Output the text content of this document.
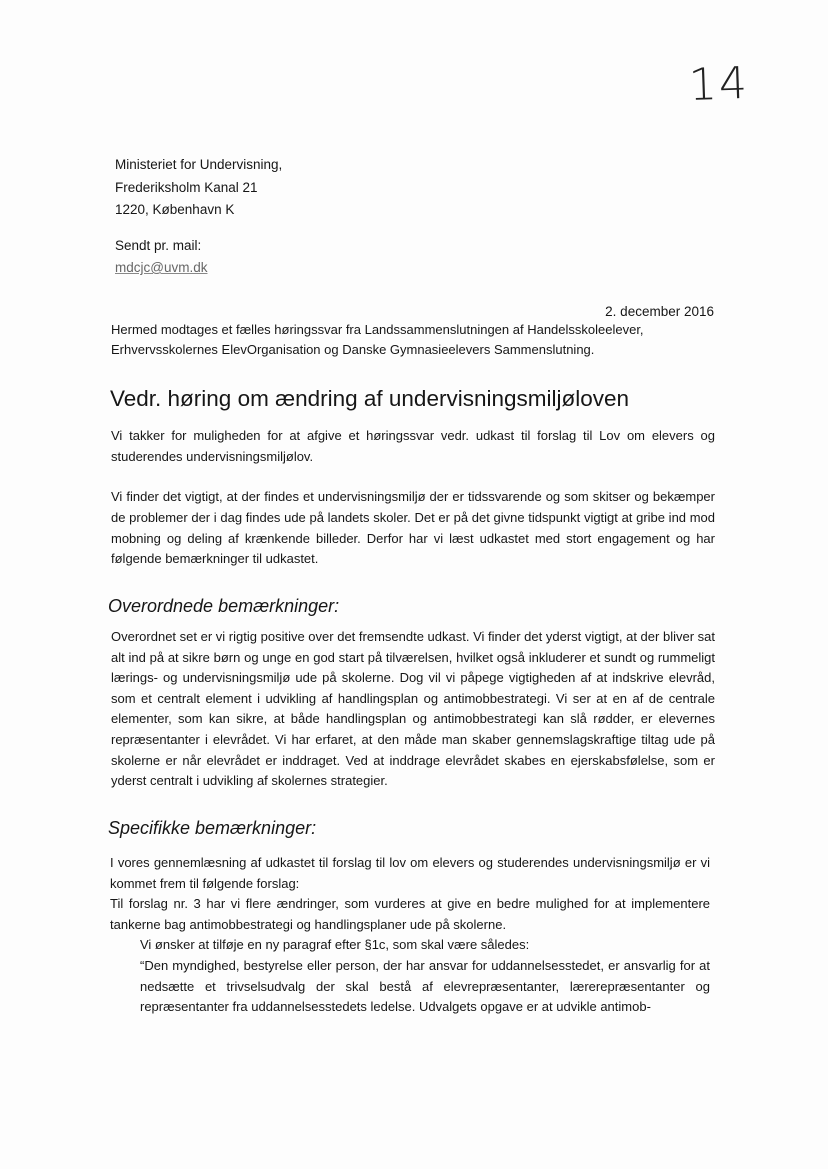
14
Ministeriet for Undervisning,
Frederiksholm Kanal 21
1220, København K
Sendt pr. mail:
mdcjc@uvm.dk
2. december 2016
Hermed modtages et fælles høringssvar fra Landssammenslutningen af Handelsskoleelever, Erhvervsskolernes ElevOrganisation og Danske Gymnasieelevers Sammenslutning.
Vedr. høring om ændring af undervisningsmiljøloven
Vi takker for muligheden for at afgive et høringssvar vedr. udkast til forslag til Lov om elevers og studerendes undervisningsmiljølov.
Vi finder det vigtigt, at der findes et undervisningsmiljø der er tidssvarende og som skitser og bekæmper de problemer der i dag findes ude på landets skoler. Det er på det givne tidspunkt vigtigt at gribe ind mod mobning og deling af krænkende billeder. Derfor har vi læst udkastet med stort engagement og har følgende bemærkninger til udkastet.
Overordnede bemærkninger:
Overordnet set er vi rigtig positive over det fremsendte udkast. Vi finder det yderst vigtigt, at der bliver sat alt ind på at sikre børn og unge en god start på tilværelsen, hvilket også inkluderer et sundt og rummeligt lærings- og undervisningsmiljø ude på skolerne. Dog vil vi påpege vigtigheden af at indskrive elevråd, som et centralt element i udvikling af handlingsplan og antimobbestrategi. Vi ser at en af de centrale elementer, som kan sikre, at både handlingsplan og antimobbestrategi kan slå rødder, er elevernes repræsentanter i elevrådet. Vi har erfaret, at den måde man skaber gennemslagskraftige tiltag ude på skolerne er når elevrådet er inddraget. Ved at inddrage elevrådet skabes en ejerskabsfølelse, som er yderst centralt i udvikling af skolernes strategier.
Specifikke bemærkninger:
I vores gennemlæsning af udkastet til forslag til lov om elevers og studerendes undervisningsmiljø er vi kommet frem til følgende forslag:
Til forslag nr. 3 har vi flere ændringer, som vurderes at give en bedre mulighed for at implementere tankerne bag antimobbestrategi og handlingsplaner ude på skolerne.
Vi ønsker at tilføje en ny paragraf efter §1c, som skal være således:
“Den myndighed, bestyrelse eller person, der har ansvar for uddannelsesstedet, er ansvarlig for at nedsætte et trivselsudvalg der skal bestå af elevrepræsentanter, lærerepræsentanter og repræsentanter fra uddannelsesstedets ledelse. Udvalgets opgave er at udvikle antimob-
